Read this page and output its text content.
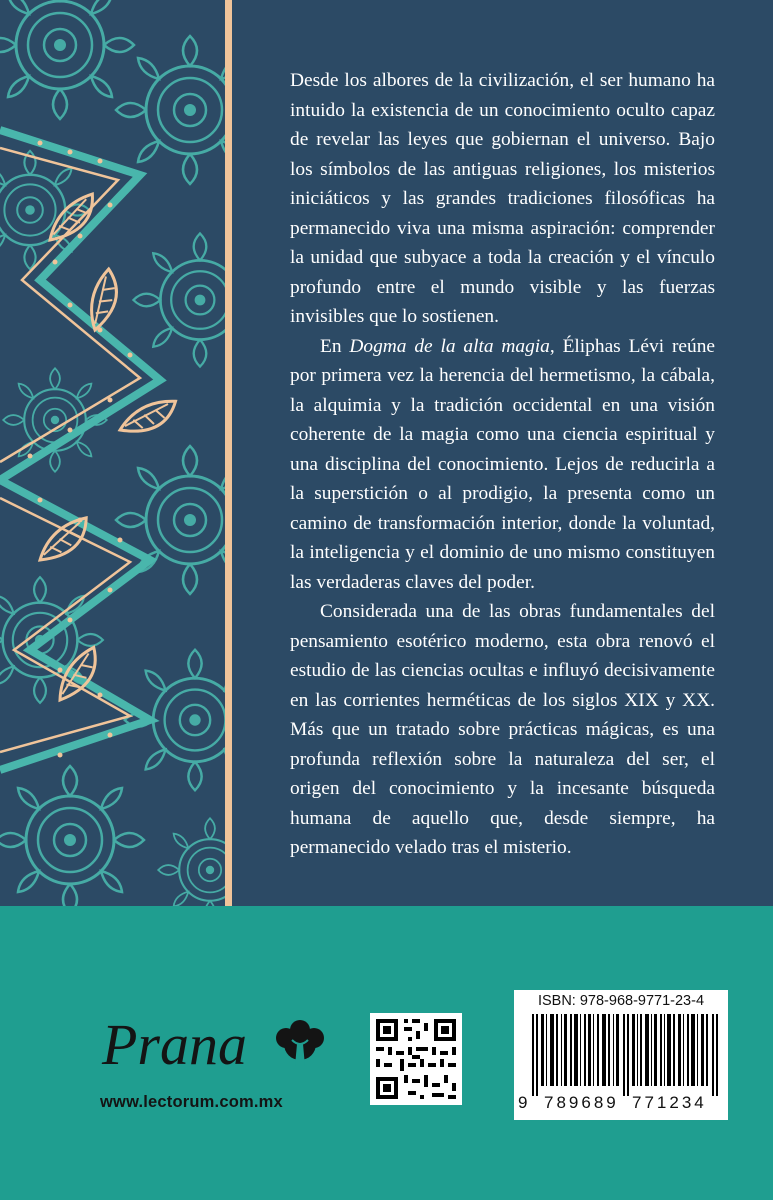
Desde los albores de la civilización, el ser humano ha intuido la existencia de un conocimiento oculto capaz de revelar las leyes que gobiernan el universo. Bajo los símbolos de las antiguas religiones, los misterios iniciáticos y las grandes tradiciones filosóficas ha permanecido viva una misma aspiración: comprender la unidad que subyace a toda la creación y el vínculo profundo entre el mundo visible y las fuerzas invisibles que lo sostienen.

En Dogma de la alta magia, Éliphas Lévi reúne por primera vez la herencia del hermetismo, la cábala, la alquimia y la tradición occidental en una visión coherente de la magia como una ciencia espiritual y una disciplina del conocimiento. Lejos de reducirla a la superstición o al prodigio, la presenta como un camino de transformación interior, donde la voluntad, la inteligencia y el dominio de uno mismo constituyen las verdaderas claves del poder.

Considerada una de las obras fundamentales del pensamiento esotérico moderno, esta obra renovó el estudio de las ciencias ocultas e influyó decisivamente en las corrientes herméticas de los siglos XIX y XX. Más que un tratado sobre prácticas mágicas, es una profunda reflexión sobre la naturaleza del ser, el origen del conocimiento y la incesante búsqueda humana de aquello que, desde siempre, ha permanecido velado tras el misterio.

Prana
www.lectorum.com.mx
ISBN: 978-968-9771-23-4
9 789689 771234
